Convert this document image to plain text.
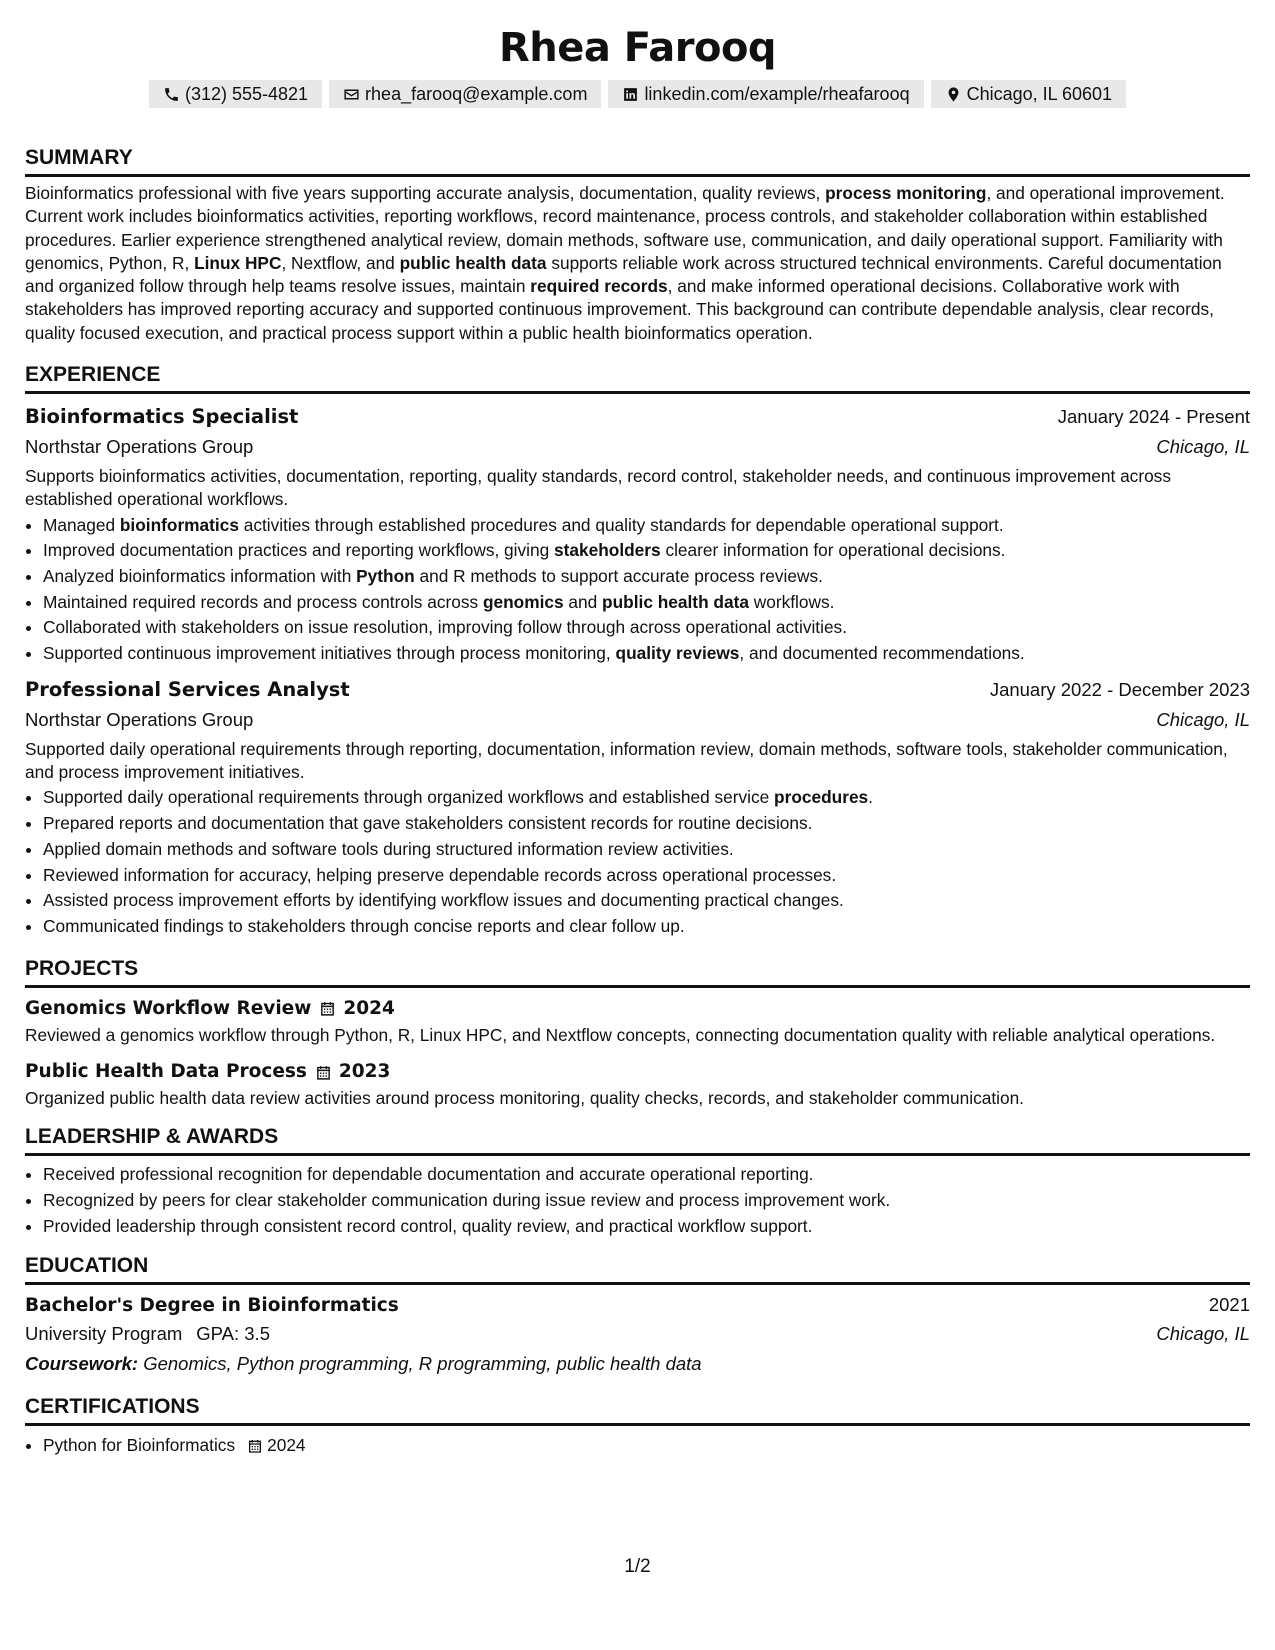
Rhea Farooq
(312) 555-4821	rhea_farooq@example.com	linkedin.com/example/rheafarooq	Chicago, IL 60601
SUMMARY
Bioinformatics professional with five years supporting accurate analysis, documentation, quality reviews, process monitoring, and operational improvement. Current work includes bioinformatics activities, reporting workflows, record maintenance, process controls, and stakeholder collaboration within established procedures. Earlier experience strengthened analytical review, domain methods, software use, communication, and daily operational support. Familiarity with genomics, Python, R, Linux HPC, Nextflow, and public health data supports reliable work across structured technical environments. Careful documentation and organized follow through help teams resolve issues, maintain required records, and make informed operational decisions. Collaborative work with stakeholders has improved reporting accuracy and supported continuous improvement. This background can contribute dependable analysis, clear records, quality focused execution, and practical process support within a public health bioinformatics operation.
EXPERIENCE
Bioinformatics Specialist	January 2024 - Present
Northstar Operations Group	Chicago, IL
Supports bioinformatics activities, documentation, reporting, quality standards, record control, stakeholder needs, and continuous improvement across established operational workflows.
• Managed bioinformatics activities through established procedures and quality standards for dependable operational support.
• Improved documentation practices and reporting workflows, giving stakeholders clearer information for operational decisions.
• Analyzed bioinformatics information with Python and R methods to support accurate process reviews.
• Maintained required records and process controls across genomics and public health data workflows.
• Collaborated with stakeholders on issue resolution, improving follow through across operational activities.
• Supported continuous improvement initiatives through process monitoring, quality reviews, and documented recommendations.
Professional Services Analyst	January 2022 - December 2023
Northstar Operations Group	Chicago, IL
Supported daily operational requirements through reporting, documentation, information review, domain methods, software tools, stakeholder communication, and process improvement initiatives.
• Supported daily operational requirements through organized workflows and established service procedures.
• Prepared reports and documentation that gave stakeholders consistent records for routine decisions.
• Applied domain methods and software tools during structured information review activities.
• Reviewed information for accuracy, helping preserve dependable records across operational processes.
• Assisted process improvement efforts by identifying workflow issues and documenting practical changes.
• Communicated findings to stakeholders through concise reports and clear follow up.
PROJECTS
Genomics Workflow Review 2024
Reviewed a genomics workflow through Python, R, Linux HPC, and Nextflow concepts, connecting documentation quality with reliable analytical operations.
Public Health Data Process 2023
Organized public health data review activities around process monitoring, quality checks, records, and stakeholder communication.
LEADERSHIP & AWARDS
• Received professional recognition for dependable documentation and accurate operational reporting.
• Recognized by peers for clear stakeholder communication during issue review and process improvement work.
• Provided leadership through consistent record control, quality review, and practical workflow support.
EDUCATION
Bachelor's Degree in Bioinformatics	2021
University Program GPA: 3.5	Chicago, IL
Coursework: Genomics, Python programming, R programming, public health data
CERTIFICATIONS
• Python for Bioinformatics 2024
1/2
